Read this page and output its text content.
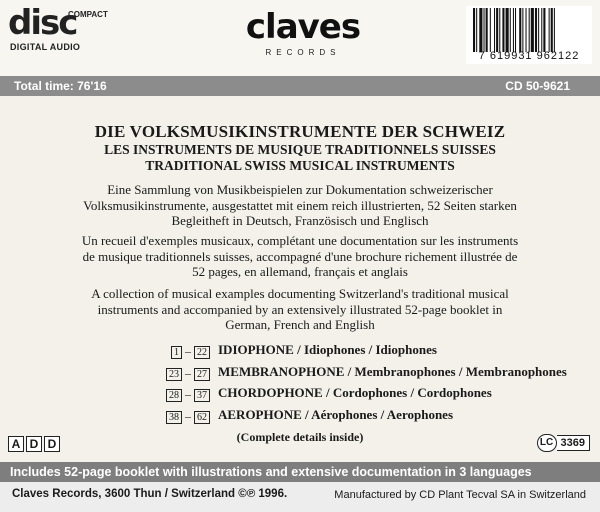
disc
COMPACT
DIGITAL AUDIO	claves
RECORDS	7 619931 962122
Total time: 76'16	CD 50-9621
DIE VOLKSMUSIKINSTRUMENTE DER SCHWEIZ
LES INSTRUMENTS DE MUSIQUE TRADITIONNELS SUISSES
TRADITIONAL SWISS MUSICAL INSTRUMENTS
Eine Sammlung von Musikbeispielen zur Dokumentation schweizerischer
Volksmusikinstrumente, ausgestattet mit einem reich illustrierten, 52 Seiten starken
Begleitheft in Deutsch, Französisch und Englisch
Un recueil d'exemples musicaux, complétant une documentation sur les instruments
de musique traditionnels suisses, accompagné d'une brochure richement illustrée de
52 pages, en allemand, français et anglais
A collection of musical examples documenting Switzerland's traditional musical
instruments and accompanied by an extensively illustrated 52-page booklet in
German, French and English
1 – 22 IDIOPHONE / Idiophones / Idiophones
23 – 27 MEMBRANOPHONE / Membranophones / Membranophones
28 – 37 CHORDOPHONE / Cordophones / Cordophones
38 – 62 AEROPHONE / Aérophones / Aerophones
(Complete details inside)
A D D	LC 3369
Includes 52-page booklet with illustrations and extensive documentation in 3 languages
Claves Records, 3600 Thun / Switzerland ©℗ 1996.	Manufactured by CD Plant Tecval SA in Switzerland
